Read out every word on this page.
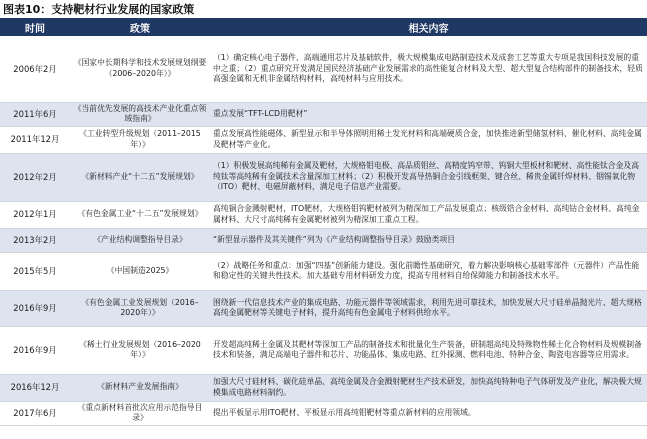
图表10：支持靶材行业发展的国家政策
时间	政策	相关内容
2006年2月	《国家中长期科学和技术发展规划纲要（2006–2020年）》	（1）确定核心电子器件、高端通用芯片及基础软件，极大规模集成电路制造技术及成套工艺等重大专项是我国科技发展的重中之重；（2）重点研究开发满足国民经济基础产业发展需求的高性能复合材料及大型、超大型复合结构部件的制备技术，轻质高强金属和无机非金属结构材料，高纯材料与应用技术。
2011年6月	《当前优先发展的高技术产业化重点领域指南》	重点发展“TFT-LCD用靶材”
2011年12月	《工业转型升级规划（2011–2015年）》	重点发展高性能磁体、新型显示和半导体照明用稀土发光材料和高端硬质合金，加快推进新型储氢材料、催化材料、高纯金属及靶材等产业化。
2012年2月	《新材料产业“十二五”发展规划》	（1）积极发展高纯稀有金属及靶材，大规格钼电极、高品质钼丝、高精度钨窄带、钨铜大型板材和靶材、高性能钛合金及高纯钛等高纯稀有金属技术含量深加工材料；（2）积极开发高导热铜合金引线框架、键合丝、稀贵金属钎焊材料、铟锡氧化物（ITO）靶材、电磁屏蔽材料，满足电子信息产业需要。
2012年1月	《有色金属工业“十二五”发展规划》	高纯铜合金溅射靶材，ITO靶材，大规格钼钨靶材被列为精深加工产品发展重点；核级锆合金材料、高纯钴合金材料、高纯金属材料、大尺寸高纯稀有金属靶材被列为精深加工重点工程。
2013年2月	《产业结构调整指导目录》	“新型显示器件及其关键件”列为《产业结构调整指导目录》鼓励类项目
2015年5月	《中国制造2025》	（2）战略任务和重点：加强“四基”创新能力建设。强化前瞻性基础研究，着力解决影响核心基础零部件（元器件）产品性能和稳定性的关键共性技术。加大基础专用材料研发力度，提高专用材料自给保障能力和制备技术水平。
2016年9月	《有色金属工业发展规划（2016–2020年）》	围绕新一代信息技术产业的集成电路、功能元器件等领域需求，利用先进可靠技术，加快发展大尺寸硅单晶抛光片、超大规格高纯金属靶材等关键电子材料，提升高纯有色金属电子材料供给水平。
2016年9月	《稀土行业发展规划（2016–2020年）》	开发超高纯稀土金属及其靶材等深加工产品的制备技术和批量化生产装备，研制超高纯及特殊物性稀土化合物材料及规模制备技术和装备，满足高端电子器件和芯片、功能晶体、集成电路、红外探测、燃料电池、特种合金、陶瓷电容器等应用需求。
2016年12月	《新材料产业发展指南》	加强大尺寸硅材料、碳化硅单晶、高纯金属及合金溅射靶材生产技术研发，加快高纯特种电子气体研发及产业化，解决极大规模集成电路材料制约。
2017年6月	《重点新材料首批次应用示范指导目录》	提出平板显示用ITO靶材、平板显示用高纯钼靶材等重点新材料的应用领域。
